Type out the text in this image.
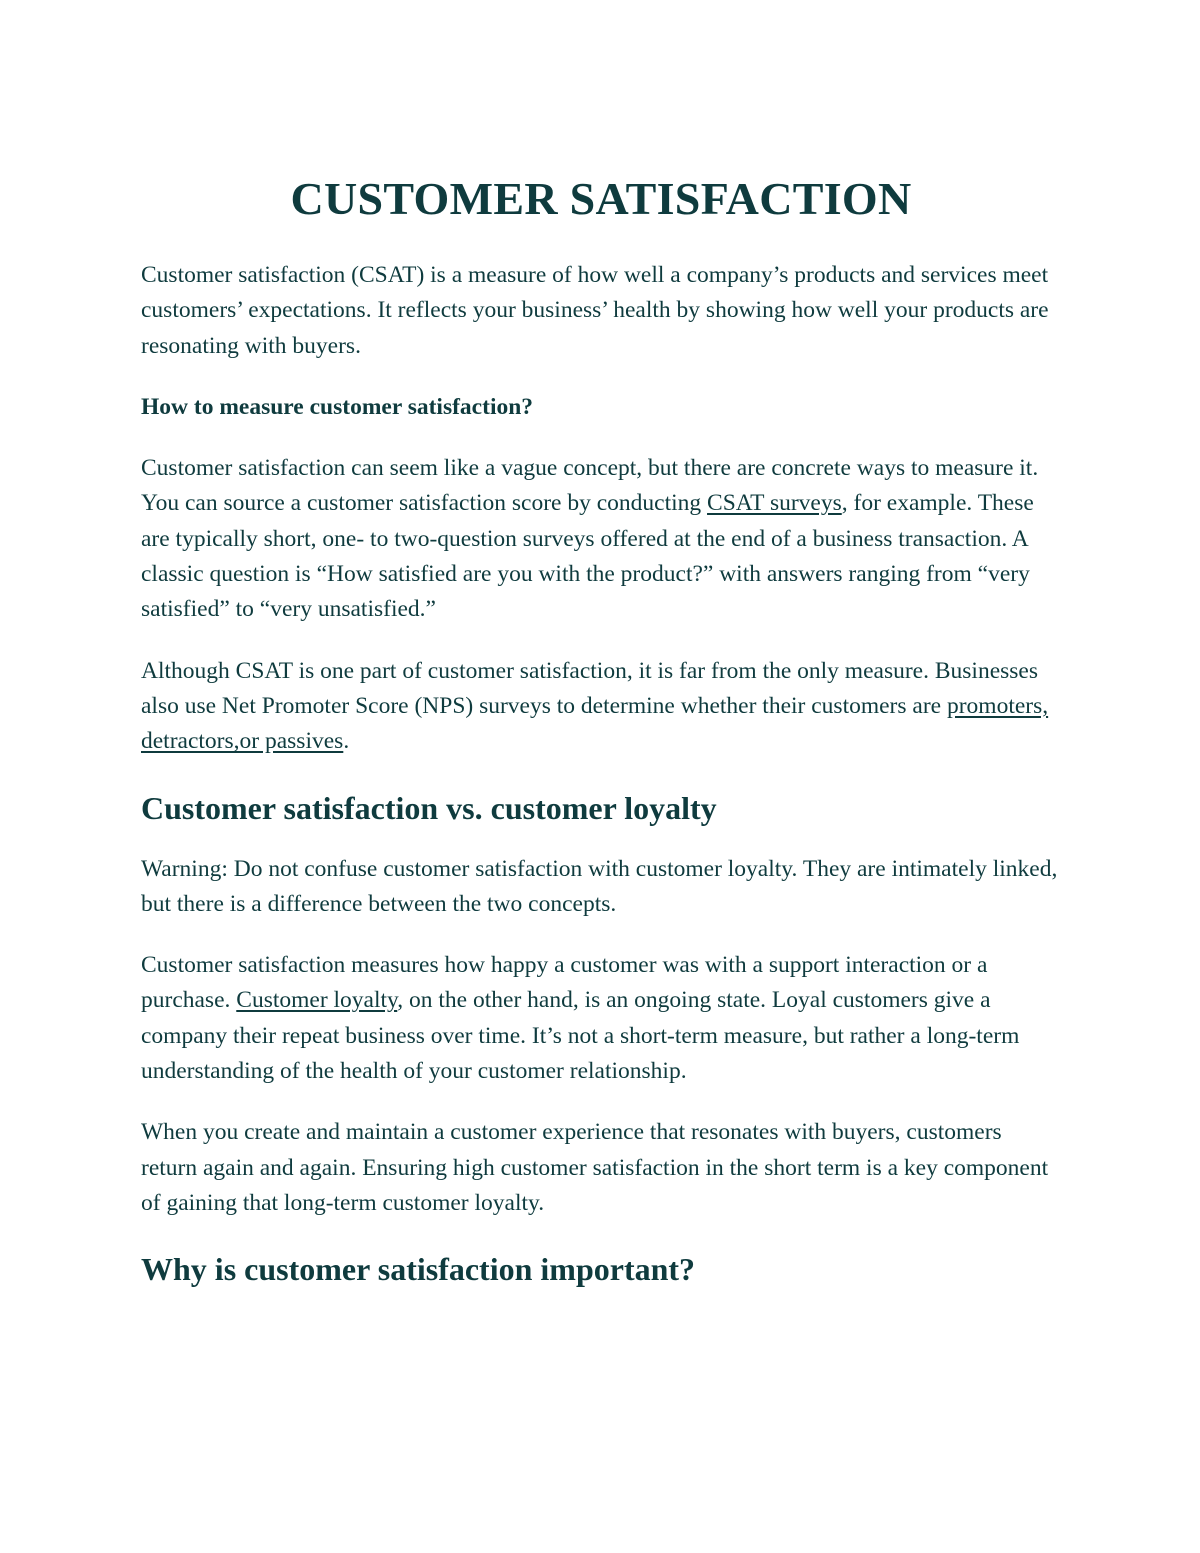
CUSTOMER SATISFACTION

Customer satisfaction (CSAT) is a measure of how well a company’s products and services meet customers’ expectations. It reflects your business’ health by showing how well your products are resonating with buyers.

How to measure customer satisfaction?

Customer satisfaction can seem like a vague concept, but there are concrete ways to measure it. You can source a customer satisfaction score by conducting CSAT surveys, for example. These are typically short, one- to two-question surveys offered at the end of a business transaction. A classic question is “How satisfied are you with the product?” with answers ranging from “very satisfied” to “very unsatisfied.”

Although CSAT is one part of customer satisfaction, it is far from the only measure. Businesses also use Net Promoter Score (NPS) surveys to determine whether their customers are promoters, detractors,or passives.

Customer satisfaction vs. customer loyalty

Warning: Do not confuse customer satisfaction with customer loyalty. They are intimately linked, but there is a difference between the two concepts.

Customer satisfaction measures how happy a customer was with a support interaction or a purchase. Customer loyalty, on the other hand, is an ongoing state. Loyal customers give a company their repeat business over time. It’s not a short-term measure, but rather a long-term understanding of the health of your customer relationship.

When you create and maintain a customer experience that resonates with buyers, customers return again and again. Ensuring high customer satisfaction in the short term is a key component of gaining that long-term customer loyalty.

Why is customer satisfaction important?
